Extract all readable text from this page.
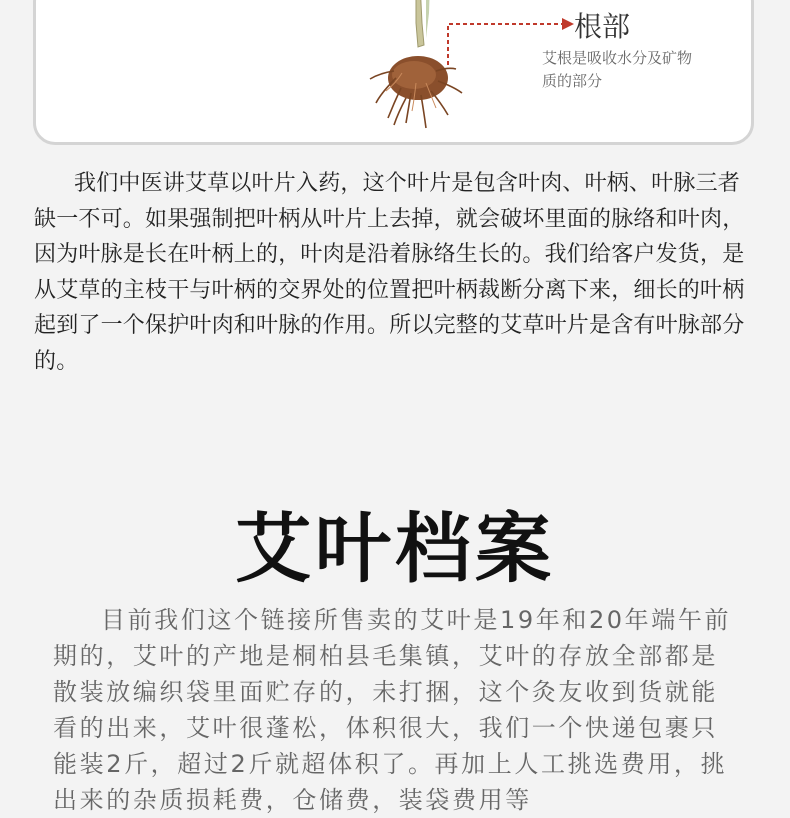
根部
艾根是吸收水分及矿物质的部分

我们中医讲艾草以叶片入药，这个叶片是包含叶肉、叶柄、叶脉三者缺一不可。如果强制把叶柄从叶片上去掉，就会破坏里面的脉络和叶肉，因为叶脉是长在叶柄上的，叶肉是沿着脉络生长的。我们给客户发货，是从艾草的主枝干与叶柄的交界处的位置把叶柄裁断分离下来，细长的叶柄起到了一个保护叶肉和叶脉的作用。所以完整的艾草叶片是含有叶脉部分的。

艾叶档案

目前我们这个链接所售卖的艾叶是19年和20年端午前期的，艾叶的产地是桐柏县毛集镇，艾叶的存放全部都是散装放编织袋里面贮存的，未打捆，这个灸友收到货就能看的出来，艾叶很蓬松，体积很大，我们一个快递包裹只能装2斤，超过2斤就超体积了。再加上人工挑选费用，挑出来的杂质损耗费，仓储费，装袋费用等
